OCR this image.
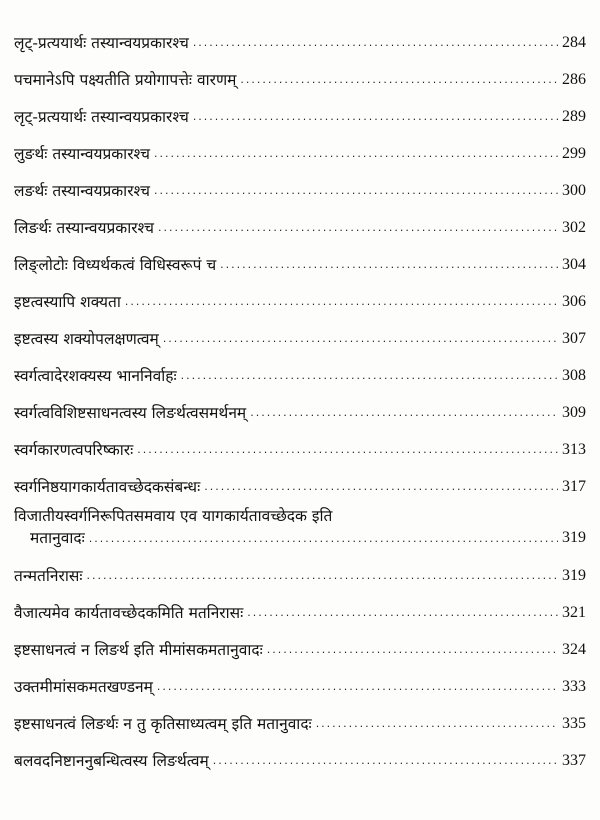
लृट्-प्रत्ययार्थः तस्यान्वयप्रकारश्च .....	284
पचमानेऽपि पक्ष्यतीति प्रयोगापत्तेः वारणम् .....	286
लृट्-प्रत्ययार्थः तस्यान्वयप्रकारश्च .....	289
लुङर्थः तस्यान्वयप्रकारश्च .....	299
लङर्थः तस्यान्वयप्रकारश्च .....	300
लिङर्थः तस्यान्वयप्रकारश्च .....	302
लिङ्लोटोः विध्यर्थकत्वं विधिस्वरूपं च .....	304
इष्टत्वस्यापि शक्यता .....	306
इष्टत्वस्य शक्योपलक्षणत्वम् .....	307
स्वर्गत्वादेरशक्यस्य भाननिर्वाहः .....	308
स्वर्गत्वविशिष्टसाधनत्वस्य लिङर्थत्वसमर्थनम् .....	309
स्वर्गकारणत्वपरिष्कारः .....	313
स्वर्गनिष्ठयागकार्यतावच्छेदकसंबन्धः .....	317
विजातीयस्वर्गनिरूपितसमवाय एव यागकार्यतावच्छेदक इति
मतानुवादः .....	319
तन्मतनिरासः .....	319
वैजात्यमेव कार्यतावच्छेदकमिति मतनिरासः .....	321
इष्टसाधनत्वं न लिङर्थ इति मीमांसकमतानुवादः .....	324
उक्तमीमांसकमतखण्डनम् .....	333
इष्टसाधनत्वं लिङर्थः न तु कृतिसाध्यत्वम् इति मतानुवादः .....	335
बलवदनिष्टाननुबन्धित्वस्य लिङर्थत्वम् .....	337
